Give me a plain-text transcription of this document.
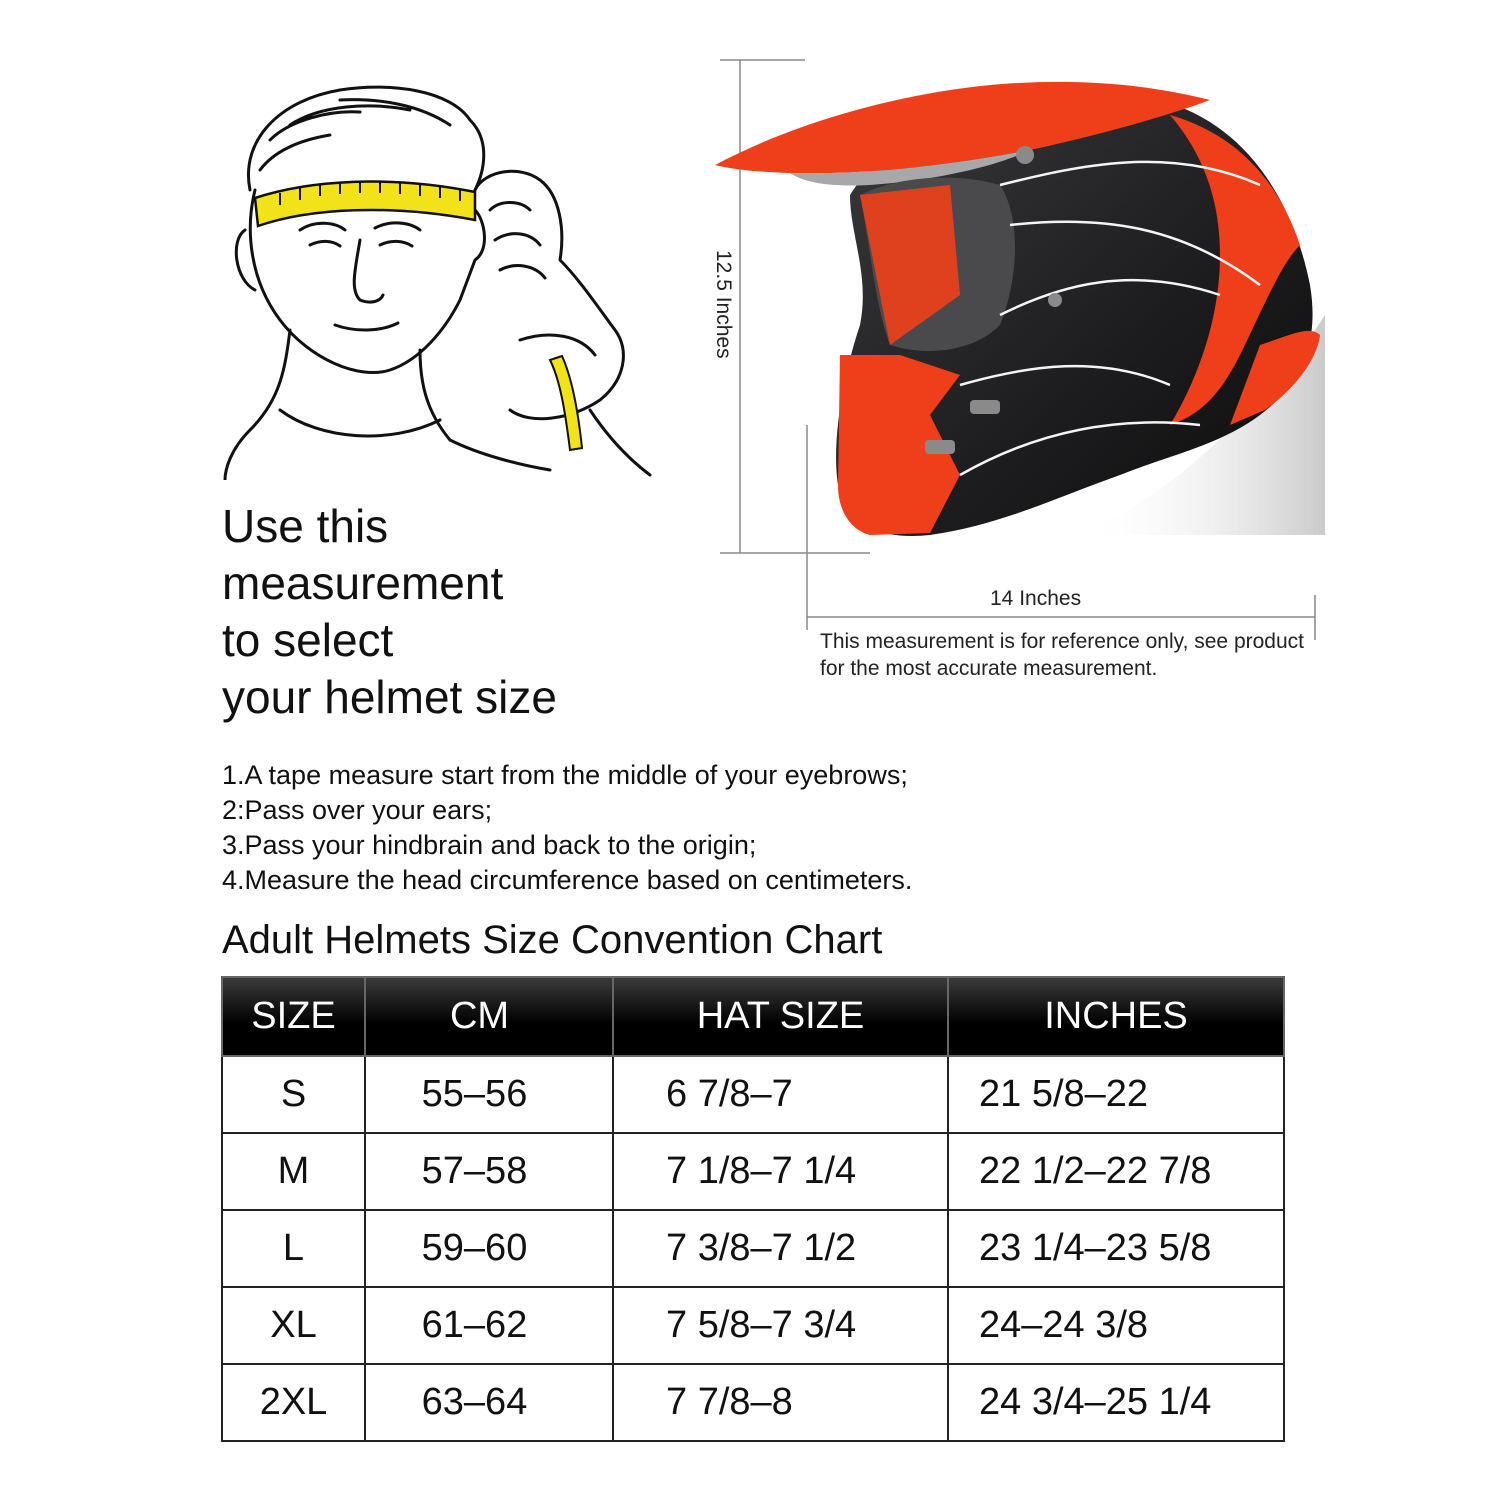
12.5 Inches
14 Inches
This measurement is for reference only, see product for the most accurate measurement.
Use this
measurement
to select
your helmet size
1.A tape measure start from the middle of your eyebrows;
2:Pass over your ears;
3.Pass your hindbrain and back to the origin;
4.Measure the head circumference based on centimeters.
Adult Helmets Size Convention Chart
SIZE	CM	HAT SIZE	INCHES
S	55–56	6 7/8–7	21 5/8–22
M	57–58	7 1/8–7 1/4	22 1/2–22 7/8
L	59–60	7 3/8–7 1/2	23 1/4–23 5/8
XL	61–62	7 5/8–7 3/4	24–24 3/8
2XL	63–64	7 7/8–8	24 3/4–25 1/4
